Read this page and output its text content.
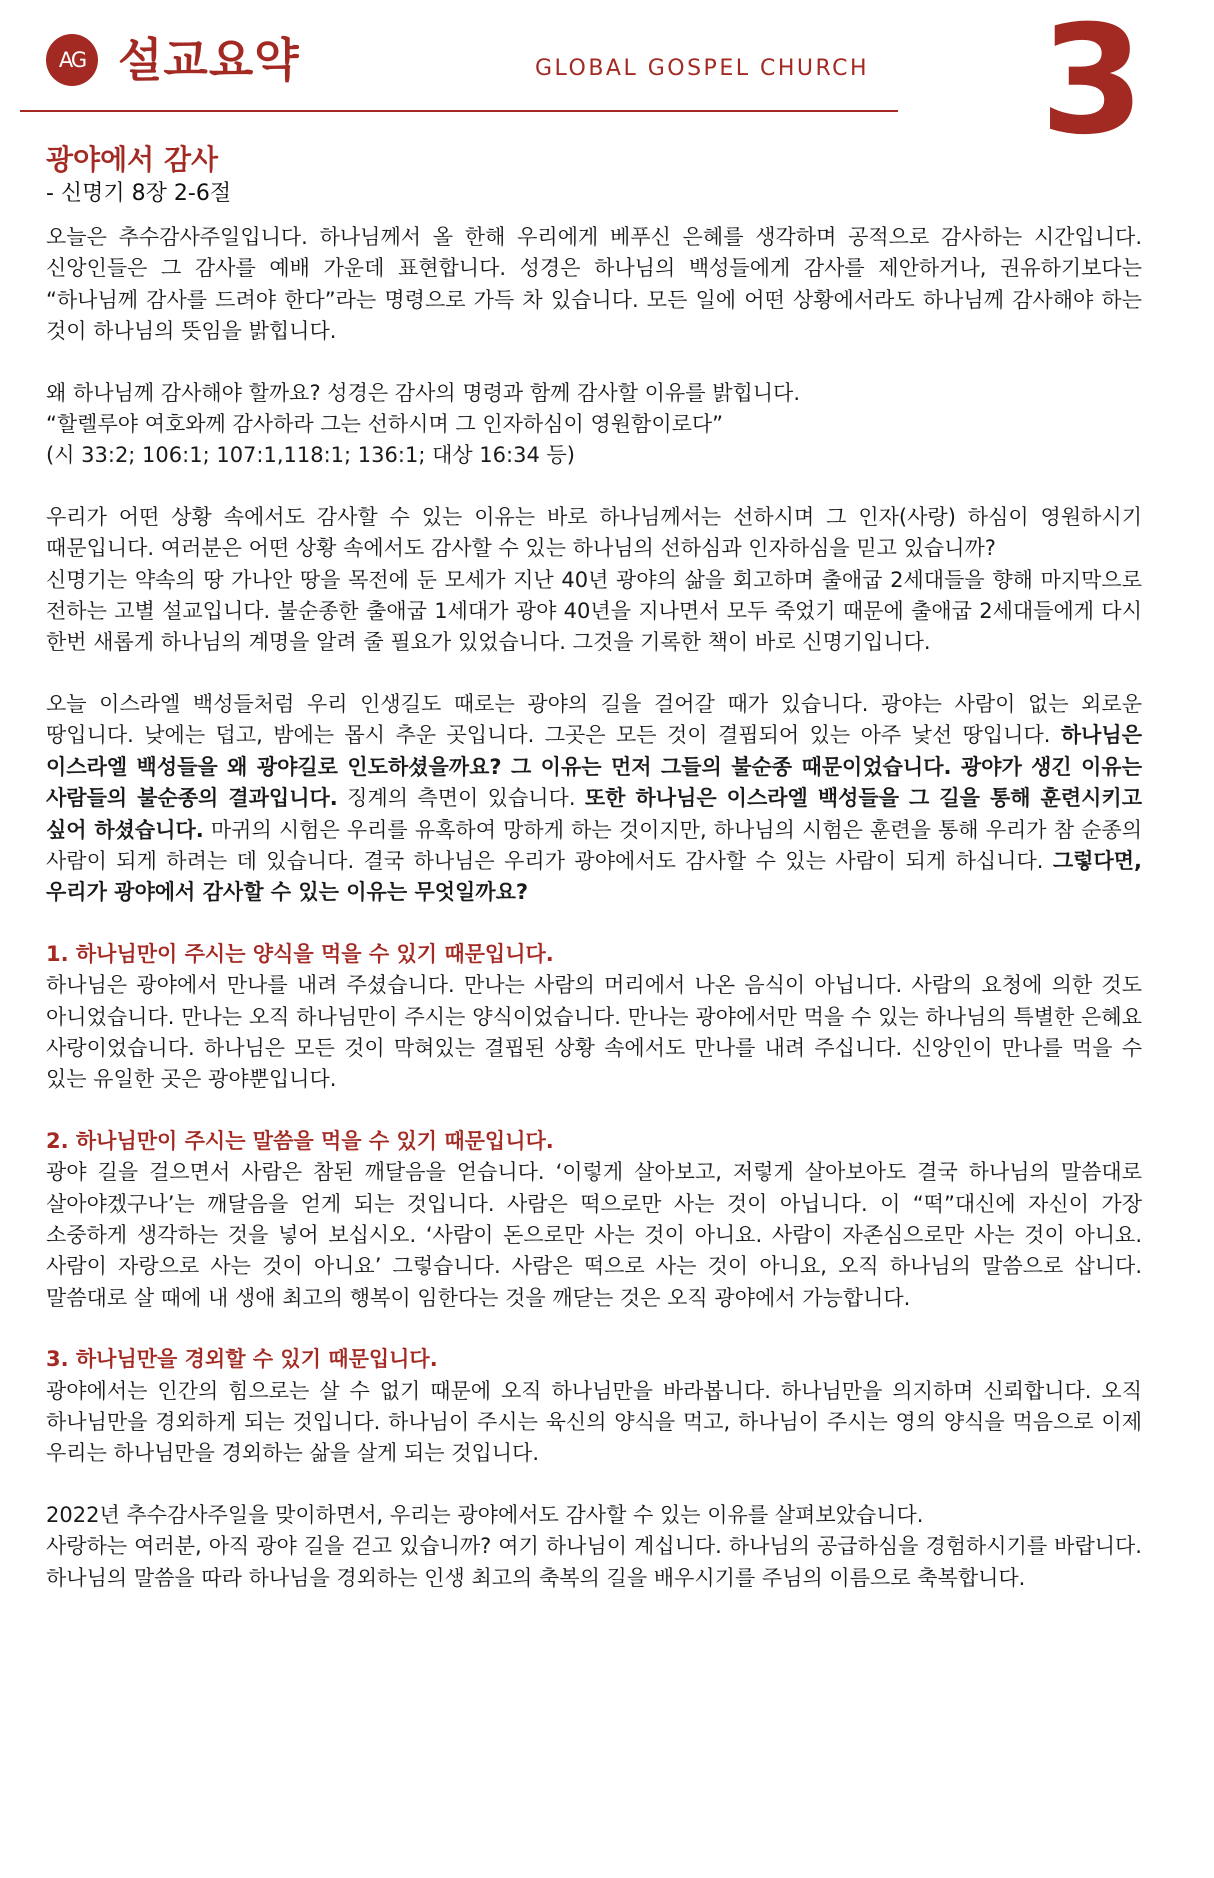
AG 설교요약	GLOBAL GOSPEL CHURCH 3
광야에서 감사
- 신명기 8장 2-6절

오늘은 추수감사주일입니다. 하나님께서 올 한해 우리에게 베푸신 은혜를 생각하며 공적으로 감사하는 시간입니다. 신앙인들은 그 감사를 예배 가운데 표현합니다. 성경은 하나님의 백성들에게 감사를 제안하거나, 권유하기보다는 “하나님께 감사를 드려야 한다”라는 명령으로 가득 차 있습니다. 모든 일에 어떤 상황에서라도 하나님께 감사해야 하는 것이 하나님의 뜻임을 밝힙니다.

왜 하나님께 감사해야 할까요? 성경은 감사의 명령과 함께 감사할 이유를 밝힙니다.
“할렐루야 여호와께 감사하라 그는 선하시며 그 인자하심이 영원함이로다”
(시 33:2; 106:1; 107:1,118:1; 136:1; 대상 16:34 등)

우리가 어떤 상황 속에서도 감사할 수 있는 이유는 바로 하나님께서는 선하시며 그 인자(사랑) 하심이 영원하시기 때문입니다. 여러분은 어떤 상황 속에서도 감사할 수 있는 하나님의 선하심과 인자하심을 믿고 있습니까?
신명기는 약속의 땅 가나안 땅을 목전에 둔 모세가 지난 40년 광야의 삶을 회고하며 출애굽 2세대들을 향해 마지막으로 전하는 고별 설교입니다. 불순종한 출애굽 1세대가 광야 40년을 지나면서 모두 죽었기 때문에 출애굽 2세대들에게 다시 한번 새롭게 하나님의 계명을 알려 줄 필요가 있었습니다. 그것을 기록한 책이 바로 신명기입니다.

오늘 이스라엘 백성들처럼 우리 인생길도 때로는 광야의 길을 걸어갈 때가 있습니다. 광야는 사람이 없는 외로운 땅입니다. 낮에는 덥고, 밤에는 몹시 추운 곳입니다. 그곳은 모든 것이 결핍되어 있는 아주 낯선 땅입니다. 하나님은 이스라엘 백성들을 왜 광야길로 인도하셨을까요? 그 이유는 먼저 그들의 불순종 때문이었습니다. 광야가 생긴 이유는 사람들의 불순종의 결과입니다. 징계의 측면이 있습니다. 또한 하나님은 이스라엘 백성들을 그 길을 통해 훈련시키고 싶어 하셨습니다. 마귀의 시험은 우리를 유혹하여 망하게 하는 것이지만, 하나님의 시험은 훈련을 통해 우리가 참 순종의 사람이 되게 하려는 데 있습니다. 결국 하나님은 우리가 광야에서도 감사할 수 있는 사람이 되게 하십니다. 그렇다면, 우리가 광야에서 감사할 수 있는 이유는 무엇일까요?

1. 하나님만이 주시는 양식을 먹을 수 있기 때문입니다.
하나님은 광야에서 만나를 내려 주셨습니다. 만나는 사람의 머리에서 나온 음식이 아닙니다. 사람의 요청에 의한 것도 아니었습니다. 만나는 오직 하나님만이 주시는 양식이었습니다. 만나는 광야에서만 먹을 수 있는 하나님의 특별한 은혜요 사랑이었습니다. 하나님은 모든 것이 막혀있는 결핍된 상황 속에서도 만나를 내려 주십니다. 신앙인이 만나를 먹을 수 있는 유일한 곳은 광야뿐입니다.

2. 하나님만이 주시는 말씀을 먹을 수 있기 때문입니다.
광야 길을 걸으면서 사람은 참된 깨달음을 얻습니다. ‘이렇게 살아보고, 저렇게 살아보아도 결국 하나님의 말씀대로 살아야겠구나’는 깨달음을 얻게 되는 것입니다. 사람은 떡으로만 사는 것이 아닙니다. 이 “떡”대신에 자신이 가장 소중하게 생각하는 것을 넣어 보십시오. ‘사람이 돈으로만 사는 것이 아니요. 사람이 자존심으로만 사는 것이 아니요. 사람이 자랑으로 사는 것이 아니요’ 그렇습니다. 사람은 떡으로 사는 것이 아니요, 오직 하나님의 말씀으로 삽니다. 말씀대로 살 때에 내 생애 최고의 행복이 임한다는 것을 깨닫는 것은 오직 광야에서 가능합니다.

3. 하나님만을 경외할 수 있기 때문입니다.
광야에서는 인간의 힘으로는 살 수 없기 때문에 오직 하나님만을 바라봅니다. 하나님만을 의지하며 신뢰합니다. 오직 하나님만을 경외하게 되는 것입니다. 하나님이 주시는 육신의 양식을 먹고, 하나님이 주시는 영의 양식을 먹음으로 이제 우리는 하나님만을 경외하는 삶을 살게 되는 것입니다.

2022년 추수감사주일을 맞이하면서, 우리는 광야에서도 감사할 수 있는 이유를 살펴보았습니다.
사랑하는 여러분, 아직 광야 길을 걷고 있습니까? 여기 하나님이 계십니다. 하나님의 공급하심을 경험하시기를 바랍니다. 하나님의 말씀을 따라 하나님을 경외하는 인생 최고의 축복의 길을 배우시기를 주님의 이름으로 축복합니다.
